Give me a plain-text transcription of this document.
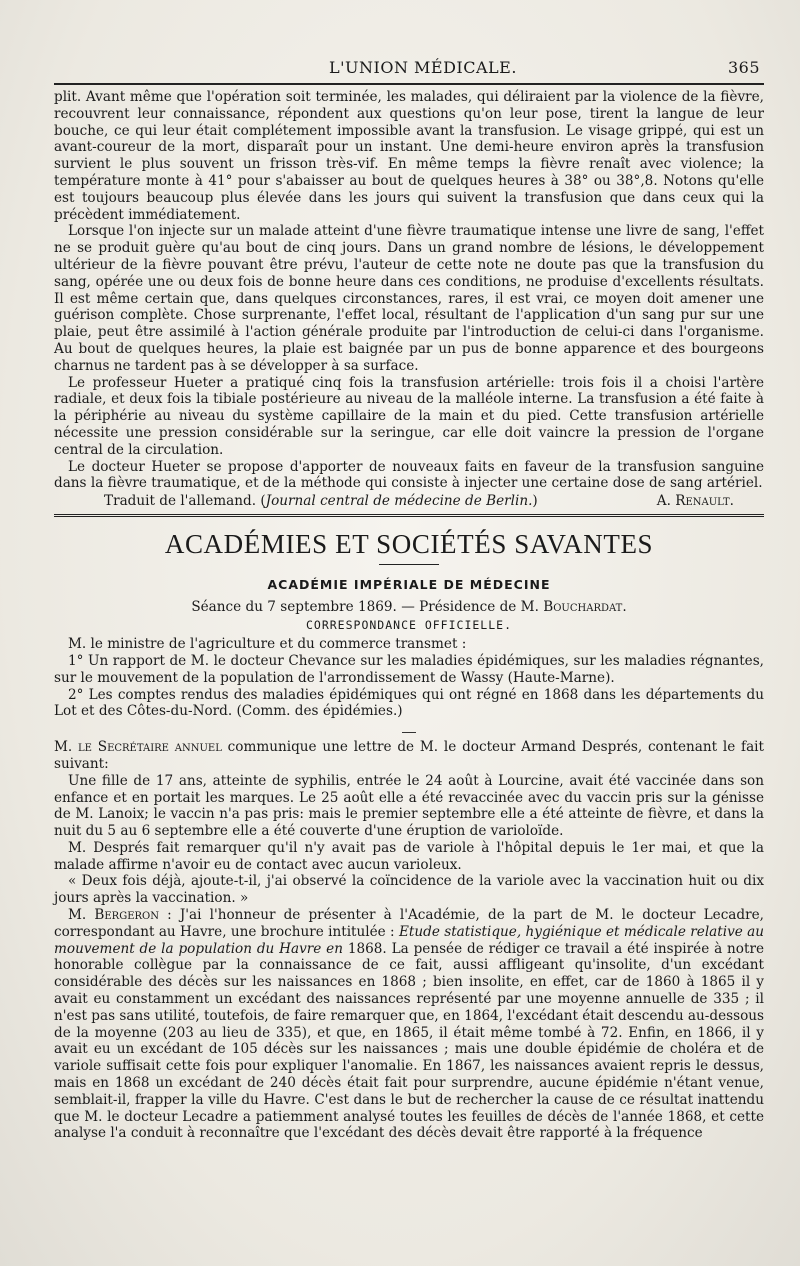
L'UNION MÉDICALE.	365

plit. Avant même que l'opération soit terminée, les malades, qui déliraient par la violence de la fièvre, recouvrent leur connaissance, répondent aux questions qu'on leur pose, tirent la langue de leur bouche, ce qui leur était complétement impossible avant la transfusion. Le visage grippé, qui est un avant-coureur de la mort, disparaît pour un instant. Une demi-heure environ après la transfusion survient le plus souvent un frisson très-vif. En même temps la fièvre renaît avec violence; la température monte à 41° pour s'abaisser au bout de quelques heures à 38° ou 38°,8. Notons qu'elle est toujours beaucoup plus élevée dans les jours qui suivent la transfusion que dans ceux qui la précèdent immédiatement.

Lorsque l'on injecte sur un malade atteint d'une fièvre traumatique intense une livre de sang, l'effet ne se produit guère qu'au bout de cinq jours. Dans un grand nombre de lésions, le développement ultérieur de la fièvre pouvant être prévu, l'auteur de cette note ne doute pas que la transfusion du sang, opérée une ou deux fois de bonne heure dans ces conditions, ne produise d'excellents résultats. Il est même certain que, dans quelques circonstances, rares, il est vrai, ce moyen doit amener une guérison complète. Chose surprenante, l'effet local, résultant de l'application d'un sang pur sur une plaie, peut être assimilé à l'action générale produite par l'introduction de celui-ci dans l'organisme. Au bout de quelques heures, la plaie est baignée par un pus de bonne apparence et des bourgeons charnus ne tardent pas à se développer à sa surface.

Le professeur Hueter a pratiqué cinq fois la transfusion artérielle: trois fois il a choisi l'artère radiale, et deux fois la tibiale postérieure au niveau de la malléole interne. La transfusion a été faite à la périphérie au niveau du système capillaire de la main et du pied. Cette transfusion artérielle nécessite une pression considérable sur la seringue, car elle doit vaincre la pression de l'organe central de la circulation.

Le docteur Hueter se propose d'apporter de nouveaux faits en faveur de la transfusion sanguine dans la fièvre traumatique, et de la méthode qui consiste à injecter une certaine dose de sang artériel.

Traduit de l'allemand. (Journal central de médecine de Berlin.)	A. Renault.
ACADÉMIES ET SOCIÉTÉS SAVANTES
ACADÉMIE IMPÉRIALE DE MÉDECINE
Séance du 7 septembre 1869. — Présidence de M. Bouchardat.
CORRESPONDANCE OFFICIELLE.

M. le ministre de l'agriculture et du commerce transmet :

1° Un rapport de M. le docteur Chevance sur les maladies épidémiques, sur les maladies régnantes, sur le mouvement de la population de l'arrondissement de Wassy (Haute-Marne).

2° Les comptes rendus des maladies épidémiques qui ont régné en 1868 dans les départements du Lot et des Côtes-du-Nord. (Comm. des épidémies.)

M. le Secrétaire annuel communique une lettre de M. le docteur Armand Després, contenant le fait suivant:

Une fille de 17 ans, atteinte de syphilis, entrée le 24 août à Lourcine, avait été vaccinée dans son enfance et en portait les marques. Le 25 août elle a été revaccinée avec du vaccin pris sur la génisse de M. Lanoix; le vaccin n'a pas pris: mais le premier septembre elle a été atteinte de fièvre, et dans la nuit du 5 au 6 septembre elle a été couverte d'une éruption de varioloïde.

M. Després fait remarquer qu'il n'y avait pas de variole à l'hôpital depuis le 1er mai, et que la malade affirme n'avoir eu de contact avec aucun varioleux.

« Deux fois déjà, ajoute-t-il, j'ai observé la coïncidence de la variole avec la vaccination huit ou dix jours après la vaccination. »

M. Bergeron : J'ai l'honneur de présenter à l'Académie, de la part de M. le docteur Lecadre, correspondant au Havre, une brochure intitulée : Etude statistique, hygiénique et médicale relative au mouvement de la population du Havre en 1868. La pensée de rédiger ce travail a été inspirée à notre honorable collègue par la connaissance de ce fait, aussi affligeant qu'insolite, d'un excédant considérable des décès sur les naissances en 1868 ; bien insolite, en effet, car de 1860 à 1865 il y avait eu constamment un excédant des naissances représenté par une moyenne annuelle de 335 ; il n'est pas sans utilité, toutefois, de faire remarquer que, en 1864, l'excédant était descendu au-dessous de la moyenne (203 au lieu de 335), et que, en 1865, il était même tombé à 72. Enfin, en 1866, il y avait eu un excédant de 105 décès sur les naissances ; mais une double épidémie de choléra et de variole suffisait cette fois pour expliquer l'anomalie. En 1867, les naissances avaient repris le dessus, mais en 1868 un excédant de 240 décès était fait pour surprendre, aucune épidémie n'étant venue, semblait-il, frapper la ville du Havre. C'est dans le but de rechercher la cause de ce résultat inattendu que M. le docteur Lecadre a patiemment analysé toutes les feuilles de décès de l'année 1868, et cette analyse l'a conduit à reconnaître que l'excédant des décès devait être rapporté à la fréquence
